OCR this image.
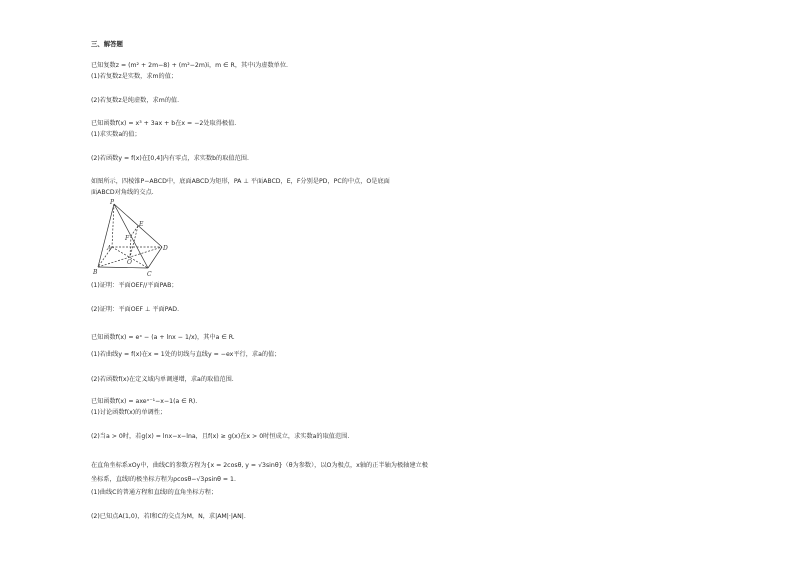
三、解答题
已知复数z = (m² + 2m−8) + (m²−2m)i，m ∈ R，其中i为虚数单位.
(1)若复数z是实数，求m的值；
(2)若复数z是纯虚数，求m的值.
已知函数f(x) = x³ + 3ax + b在x = −2处取得极值.
(1)求实数a的值；
(2)若函数y = f(x)在[0,4]内有零点，求实数b的取值范围.
如图所示，四棱锥P−ABCD中，底面ABCD为矩形，PA ⊥ 平面ABCD，E，F分别是PD，PC的中点，O是底面
面ABCD对角线的交点.
P
A
B	C
D
E
F
O
(1)证明：平面OEF//平面PAB；
(2)证明：平面OEF ⊥ 平面PAD.
已知函数f(x) = eˣ − (a + lnx − 1/x)，其中a ∈ R.
(1)若曲线y = f(x)在x = 1处的切线与直线y = −ex平行，求a的值；
(2)若函数f(x)在定义域内单调递增，求a的取值范围.
已知函数f(x) = axeˣ⁻¹−x−1(a ∈ R).
(1)讨论函数f(x)的单调性；
(2)当a > 0时，若g(x) = lnx−x−lna，且f(x) ≥ g(x)在x > 0时恒成立，求实数a的取值范围.
在直角坐标系xOy中，曲线C的参数方程为{x = 2cosθ, y = √3sinθ}（θ为参数），以O为极点，x轴的正半轴为极轴建立极
坐标系，直线l的极坐标方程为ρcosθ−√3ρsinθ = 1.
(1)曲线C的普通方程和直线l的直角坐标方程；
(2)已知点A(1,0)，若l和C的交点为M，N，求|AM|·|AN|.
